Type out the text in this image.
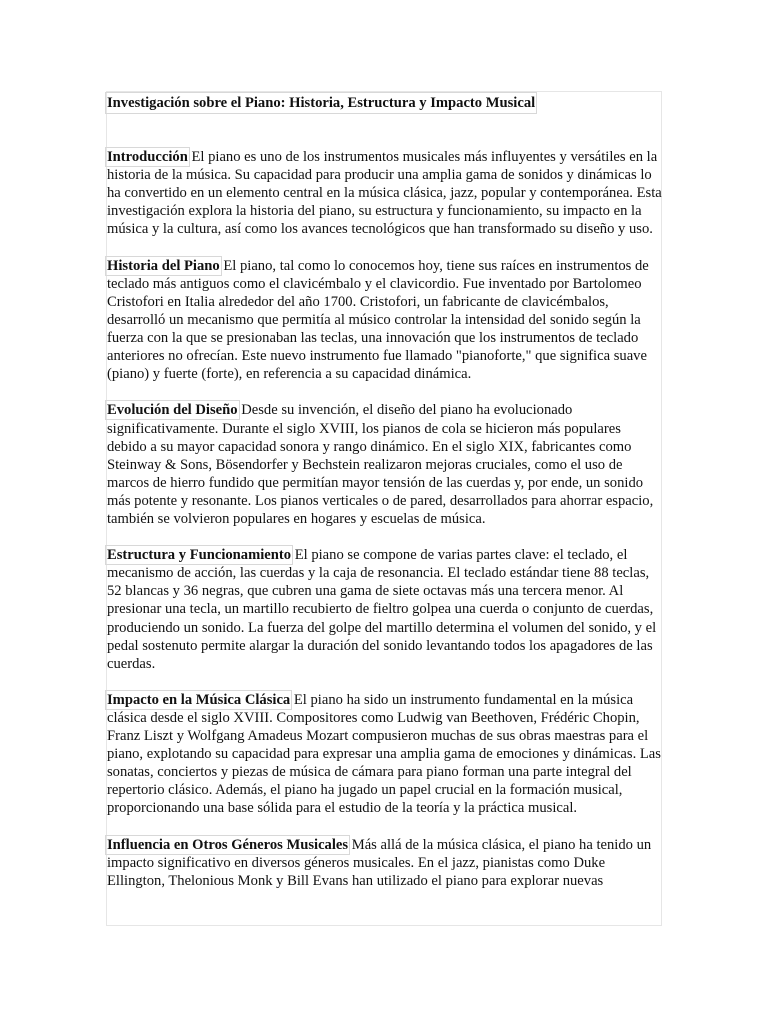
Investigación sobre el Piano: Historia, Estructura y Impacto Musical
Introducción El piano es uno de los instrumentos musicales más influyentes y versátiles en la historia de la música. Su capacidad para producir una amplia gama de sonidos y dinámicas lo ha convertido en un elemento central en la música clásica, jazz, popular y contemporánea. Esta investigación explora la historia del piano, su estructura y funcionamiento, su impacto en la música y la cultura, así como los avances tecnológicos que han transformado su diseño y uso.
Historia del Piano El piano, tal como lo conocemos hoy, tiene sus raíces en instrumentos de teclado más antiguos como el clavicémbalo y el clavicordio. Fue inventado por Bartolomeo Cristofori en Italia alrededor del año 1700. Cristofori, un fabricante de clavicémbalos, desarrolló un mecanismo que permitía al músico controlar la intensidad del sonido según la fuerza con la que se presionaban las teclas, una innovación que los instrumentos de teclado anteriores no ofrecían. Este nuevo instrumento fue llamado "pianoforte," que significa suave (piano) y fuerte (forte), en referencia a su capacidad dinámica.
Evolución del Diseño Desde su invención, el diseño del piano ha evolucionado significativamente. Durante el siglo XVIII, los pianos de cola se hicieron más populares debido a su mayor capacidad sonora y rango dinámico. En el siglo XIX, fabricantes como Steinway & Sons, Bösendorfer y Bechstein realizaron mejoras cruciales, como el uso de marcos de hierro fundido que permitían mayor tensión de las cuerdas y, por ende, un sonido más potente y resonante. Los pianos verticales o de pared, desarrollados para ahorrar espacio, también se volvieron populares en hogares y escuelas de música.
Estructura y Funcionamiento El piano se compone de varias partes clave: el teclado, el mecanismo de acción, las cuerdas y la caja de resonancia. El teclado estándar tiene 88 teclas, 52 blancas y 36 negras, que cubren una gama de siete octavas más una tercera menor. Al presionar una tecla, un martillo recubierto de fieltro golpea una cuerda o conjunto de cuerdas, produciendo un sonido. La fuerza del golpe del martillo determina el volumen del sonido, y el pedal sostenuto permite alargar la duración del sonido levantando todos los apagadores de las cuerdas.
Impacto en la Música Clásica El piano ha sido un instrumento fundamental en la música clásica desde el siglo XVIII. Compositores como Ludwig van Beethoven, Frédéric Chopin, Franz Liszt y Wolfgang Amadeus Mozart compusieron muchas de sus obras maestras para el piano, explotando su capacidad para expresar una amplia gama de emociones y dinámicas. Las sonatas, conciertos y piezas de música de cámara para piano forman una parte integral del repertorio clásico. Además, el piano ha jugado un papel crucial en la formación musical, proporcionando una base sólida para el estudio de la teoría y la práctica musical.
Influencia en Otros Géneros Musicales Más allá de la música clásica, el piano ha tenido un impacto significativo en diversos géneros musicales. En el jazz, pianistas como Duke Ellington, Thelonious Monk y Bill Evans han utilizado el piano para explorar nuevas
